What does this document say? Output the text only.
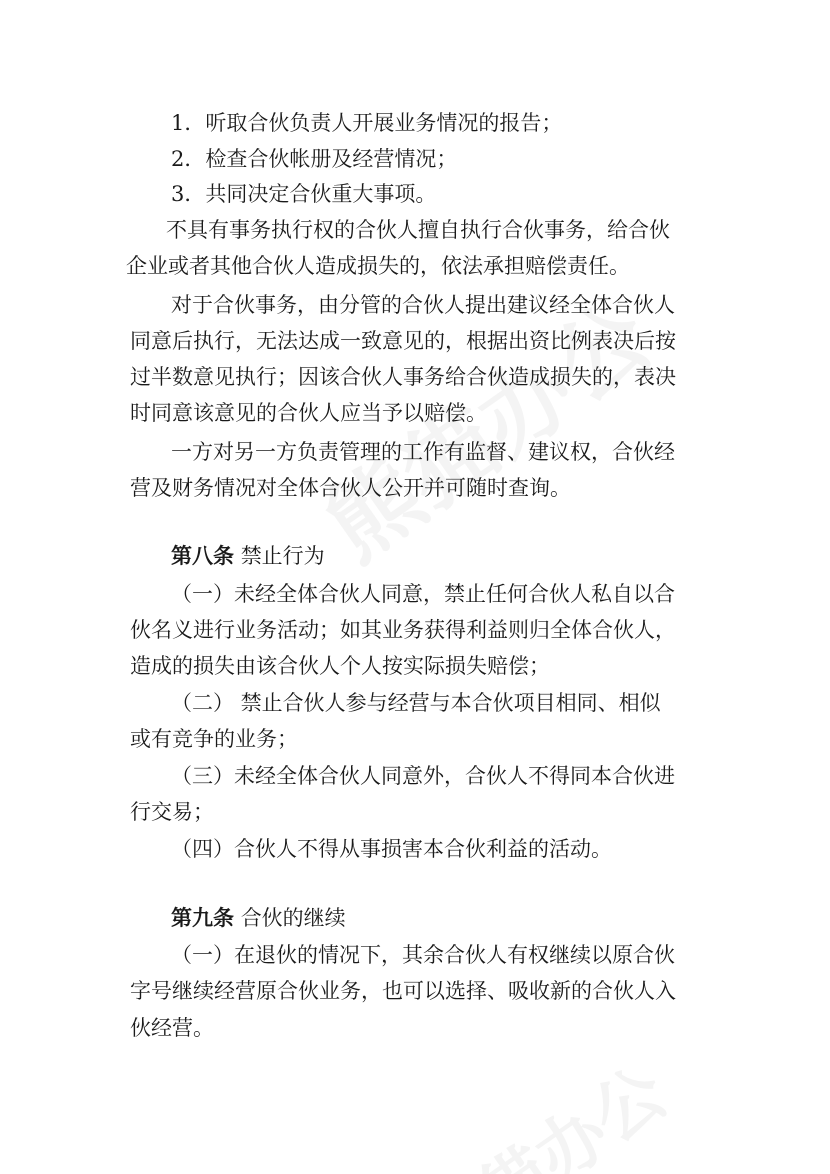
1．听取合伙负责人开展业务情况的报告；
2．检查合伙帐册及经营情况；
3．共同决定合伙重大事项。
不具有事务执行权的合伙人擅自执行合伙事务，给合伙
企业或者其他合伙人造成损失的，依法承担赔偿责任。
对于合伙事务，由分管的合伙人提出建议经全体合伙人
同意后执行，无法达成一致意见的，根据出资比例表决后按
过半数意见执行；因该合伙人事务给合伙造成损失的，表决
时同意该意见的合伙人应当予以赔偿。
一方对另一方负责管理的工作有监督、建议权，合伙经
营及财务情况对全体合伙人公开并可随时查询。
第八条 禁止行为
（一）未经全体合伙人同意，禁止任何合伙人私自以合
伙名义进行业务活动；如其业务获得利益则归全体合伙人，
造成的损失由该合伙人个人按实际损失赔偿；
（二） 禁止合伙人参与经营与本合伙项目相同、相似
或有竞争的业务；
（三）未经全体合伙人同意外，合伙人不得同本合伙进
行交易；
（四）合伙人不得从事损害本合伙利益的活动。
第九条 合伙的继续
（一）在退伙的情况下，其余合伙人有权继续以原合伙
字号继续经营原合伙业务，也可以选择、吸收新的合伙人入
伙经营。
